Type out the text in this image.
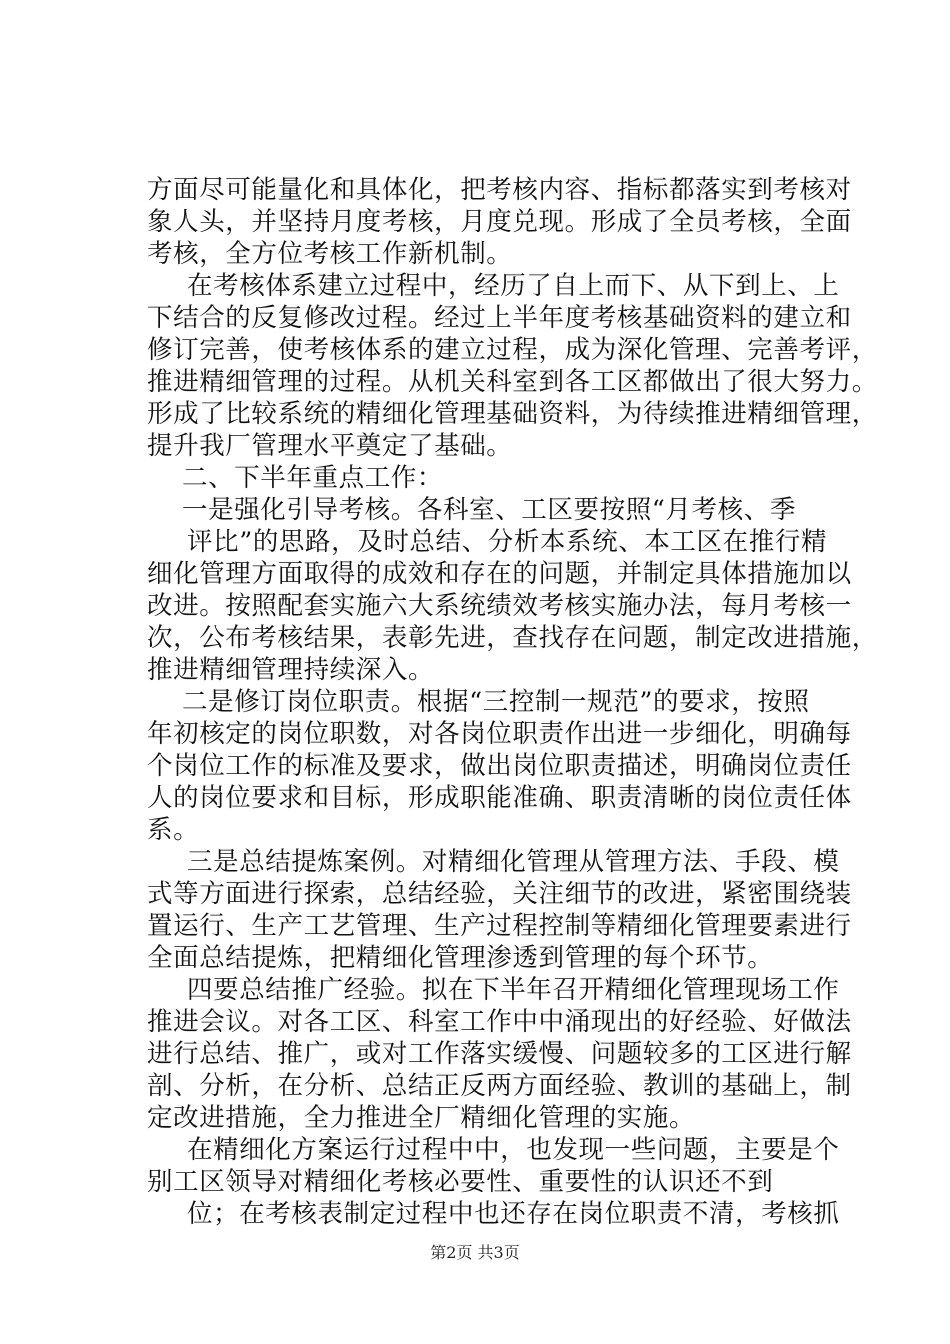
方面尽可能量化和具体化，把考核内容、指标都落实到考核对
象人头，并坚持月度考核，月度兑现。形成了全员考核，全面
考核，全方位考核工作新机制。
在考核体系建立过程中，经历了自上而下、从下到上、上
下结合的反复修改过程。经过上半年度考核基础资料的建立和
修订完善，使考核体系的建立过程，成为深化管理、完善考评，
推进精细管理的过程。从机关科室到各工区都做出了很大努力。
形成了比较系统的精细化管理基础资料，为待续推进精细管理，
提升我厂管理水平奠定了基础。
二、下半年重点工作：
一是强化引导考核。各科室、工区要按照“月考核、季
评比”的思路，及时总结、分析本系统、本工区在推行精
细化管理方面取得的成效和存在的问题，并制定具体措施加以
改进。按照配套实施六大系统绩效考核实施办法，每月考核一
次，公布考核结果，表彰先进，查找存在问题，制定改进措施，
推进精细管理持续深入。
二是修订岗位职责。根据“三控制一规范”的要求，按照
年初核定的岗位职数，对各岗位职责作出进一步细化，明确每
个岗位工作的标准及要求，做出岗位职责描述，明确岗位责任
人的岗位要求和目标，形成职能准确、职责清晰的岗位责任体
系。
三是总结提炼案例。对精细化管理从管理方法、手段、模
式等方面进行探索，总结经验，关注细节的改进，紧密围绕装
置运行、生产工艺管理、生产过程控制等精细化管理要素进行
全面总结提炼，把精细化管理渗透到管理的每个环节。
四要总结推广经验。拟在下半年召开精细化管理现场工作
推进会议。对各工区、科室工作中中涌现出的好经验、好做法
进行总结、推广，或对工作落实缓慢、问题较多的工区进行解
剖、分析，在分析、总结正反两方面经验、教训的基础上，制
定改进措施，全力推进全厂精细化管理的实施。
在精细化方案运行过程中中，也发现一些问题，主要是个
别工区领导对精细化考核必要性、重要性的认识还不到
位；在考核表制定过程中也还存在岗位职责不清，考核抓
第2页 共3页
